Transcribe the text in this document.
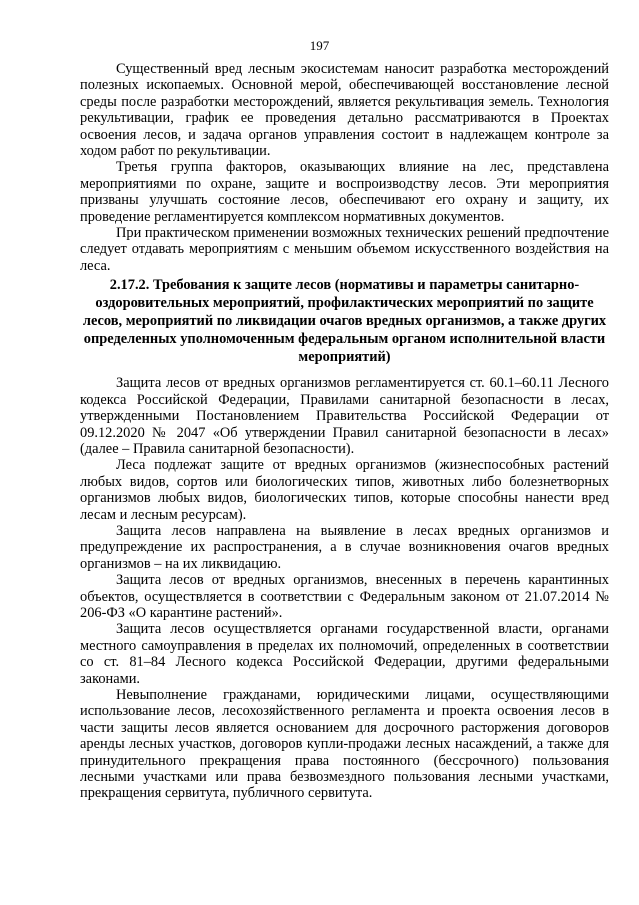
197

Существенный вред лесным экосистемам наносит разработка месторождений полезных ископаемых. Основной мерой, обеспечивающей восстановление лесной среды после разработки месторождений, является рекультивация земель. Технология рекультивации, график ее проведения детально рассматриваются в Проектах освоения лесов, и задача органов управления состоит в надлежащем контроле за ходом работ по рекультивации.

Третья группа факторов, оказывающих влияние на лес, представлена мероприятиями по охране, защите и воспроизводству лесов. Эти мероприятия призваны улучшать состояние лесов, обеспечивают его охрану и защиту, их проведение регламентируется комплексом нормативных документов.

При практическом применении возможных технических решений предпочтение следует отдавать мероприятиям с меньшим объемом искусственного воздействия на леса.

2.17.2. Требования к защите лесов (нормативы и параметры санитарно-оздоровительных мероприятий, профилактических мероприятий по защите лесов, мероприятий по ликвидации очагов вредных организмов, а также других определенных уполномоченным федеральным органом исполнительной власти мероприятий)

Защита лесов от вредных организмов регламентируется ст. 60.1–60.11 Лесного кодекса Российской Федерации, Правилами санитарной безопасности в лесах, утвержденными Постановлением Правительства Российской Федерации от 09.12.2020 № 2047 «Об утверждении Правил санитарной безопасности в лесах» (далее – Правила санитарной безопасности).

Леса подлежат защите от вредных организмов (жизнеспособных растений любых видов, сортов или биологических типов, животных либо болезнетворных организмов любых видов, биологических типов, которые способны нанести вред лесам и лесным ресурсам).

Защита лесов направлена на выявление в лесах вредных организмов и предупреждение их распространения, а в случае возникновения очагов вредных организмов – на их ликвидацию.

Защита лесов от вредных организмов, внесенных в перечень карантинных объектов, осуществляется в соответствии с Федеральным законом от 21.07.2014 № 206-ФЗ «О карантине растений».

Защита лесов осуществляется органами государственной власти, органами местного самоуправления в пределах их полномочий, определенных в соответствии со ст. 81–84 Лесного кодекса Российской Федерации, другими федеральными законами.

Невыполнение гражданами, юридическими лицами, осуществляющими использование лесов, лесохозяйственного регламента и проекта освоения лесов в части защиты лесов является основанием для досрочного расторжения договоров аренды лесных участков, договоров купли-продажи лесных насаждений, а также для принудительного прекращения права постоянного (бессрочного) пользования лесными участками или права безвозмездного пользования лесными участками, прекращения сервитута, публичного сервитута.
